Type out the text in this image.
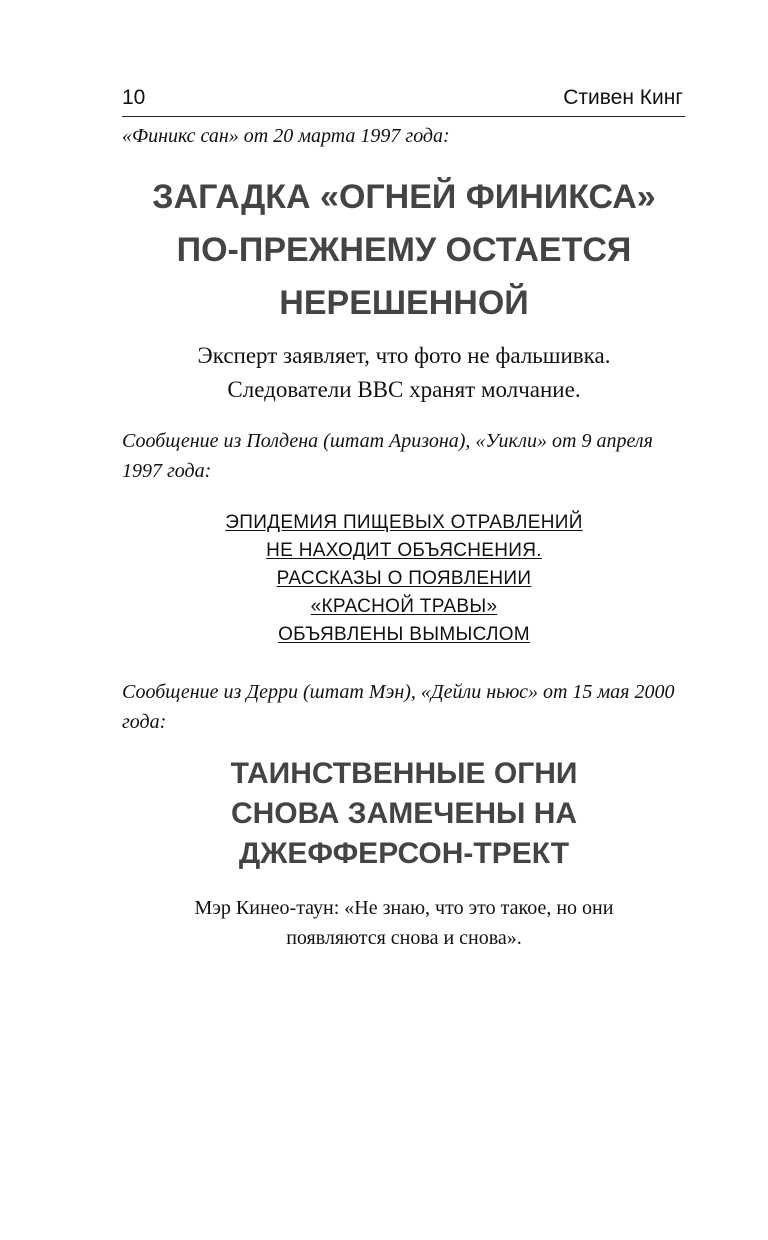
10	Стивен Кинг
«Финикс сан» от 20 марта 1997 года:
ЗАГАДКА «ОГНЕЙ ФИНИКСА»
ПО-ПРЕЖНЕМУ ОСТАЕТСЯ
НЕРЕШЕННОЙ
Эксперт заявляет, что фото не фальшивка.
Следователи ВВС хранят молчание.
Сообщение из Полдена (штат Аризона), «Уикли» от 9 апреля 1997 года:
ЭПИДЕМИЯ ПИЩЕВЫХ ОТРАВЛЕНИЙ
НЕ НАХОДИТ ОБЪЯСНЕНИЯ.
РАССКАЗЫ О ПОЯВЛЕНИИ
«КРАСНОЙ ТРАВЫ»
ОБЪЯВЛЕНЫ ВЫМЫСЛОМ
Сообщение из Дерри (штат Мэн), «Дейли ньюс» от 15 мая 2000 года:
ТАИНСТВЕННЫЕ ОГНИ
СНОВА ЗАМЕЧЕНЫ НА
ДЖЕФФЕРСОН-ТРЕКТ
Мэр Кинео-таун: «Не знаю, что это такое, но они
появляются снова и снова».
